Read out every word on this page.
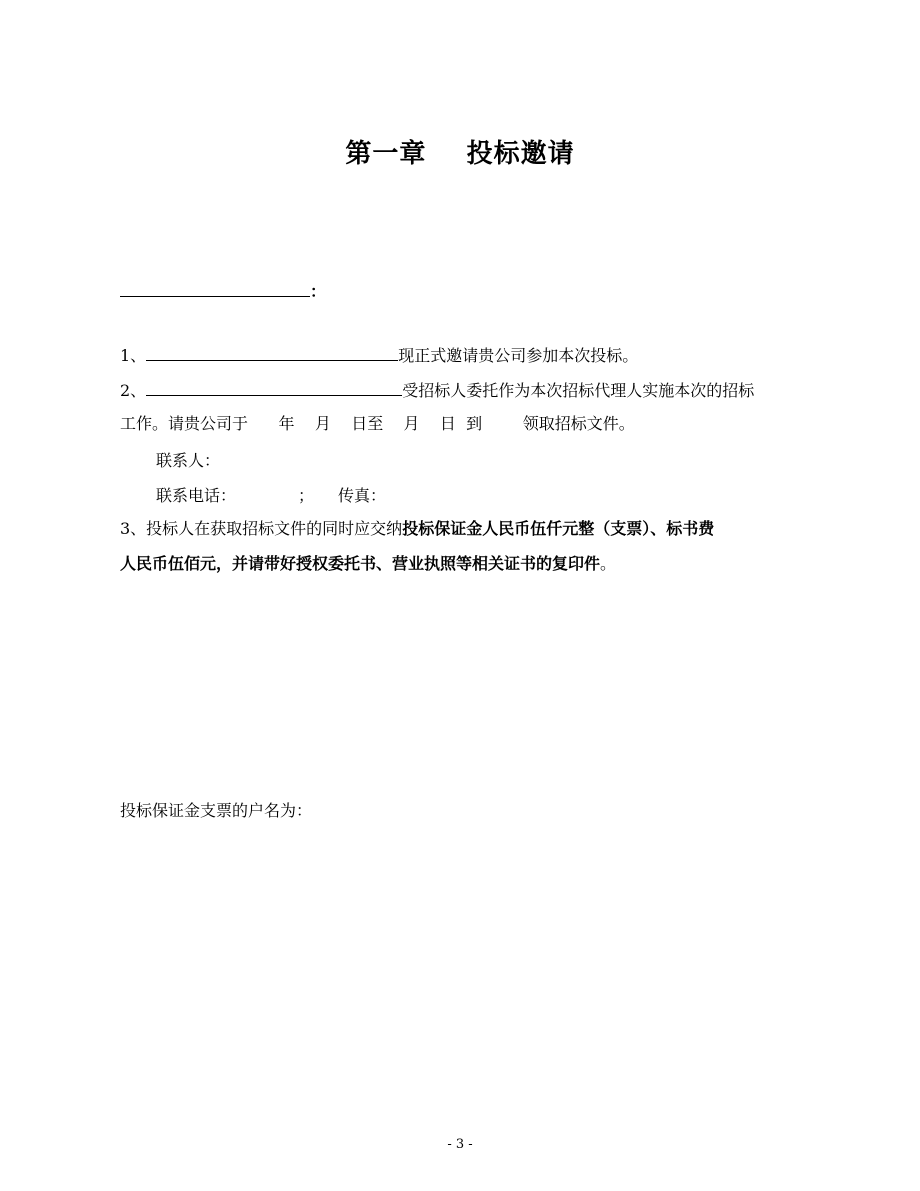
第一章    投标邀请
：
1、	现正式邀请贵公司参加本次投标。
2、	受招标人委托作为本次招标代理人实施本次的招标
工作。请贵公司于      年    月    日至    月    日  到        领取招标文件。
联系人：
联系电话：	； 传真：
3、投标人在获取招标文件的同时应交纳投标保证金人民币伍仟元整（支票）、标书费
人民币伍佰元，并请带好授权委托书、营业执照等相关证书的复印件。
投标保证金支票的户名为：
- 3 -
